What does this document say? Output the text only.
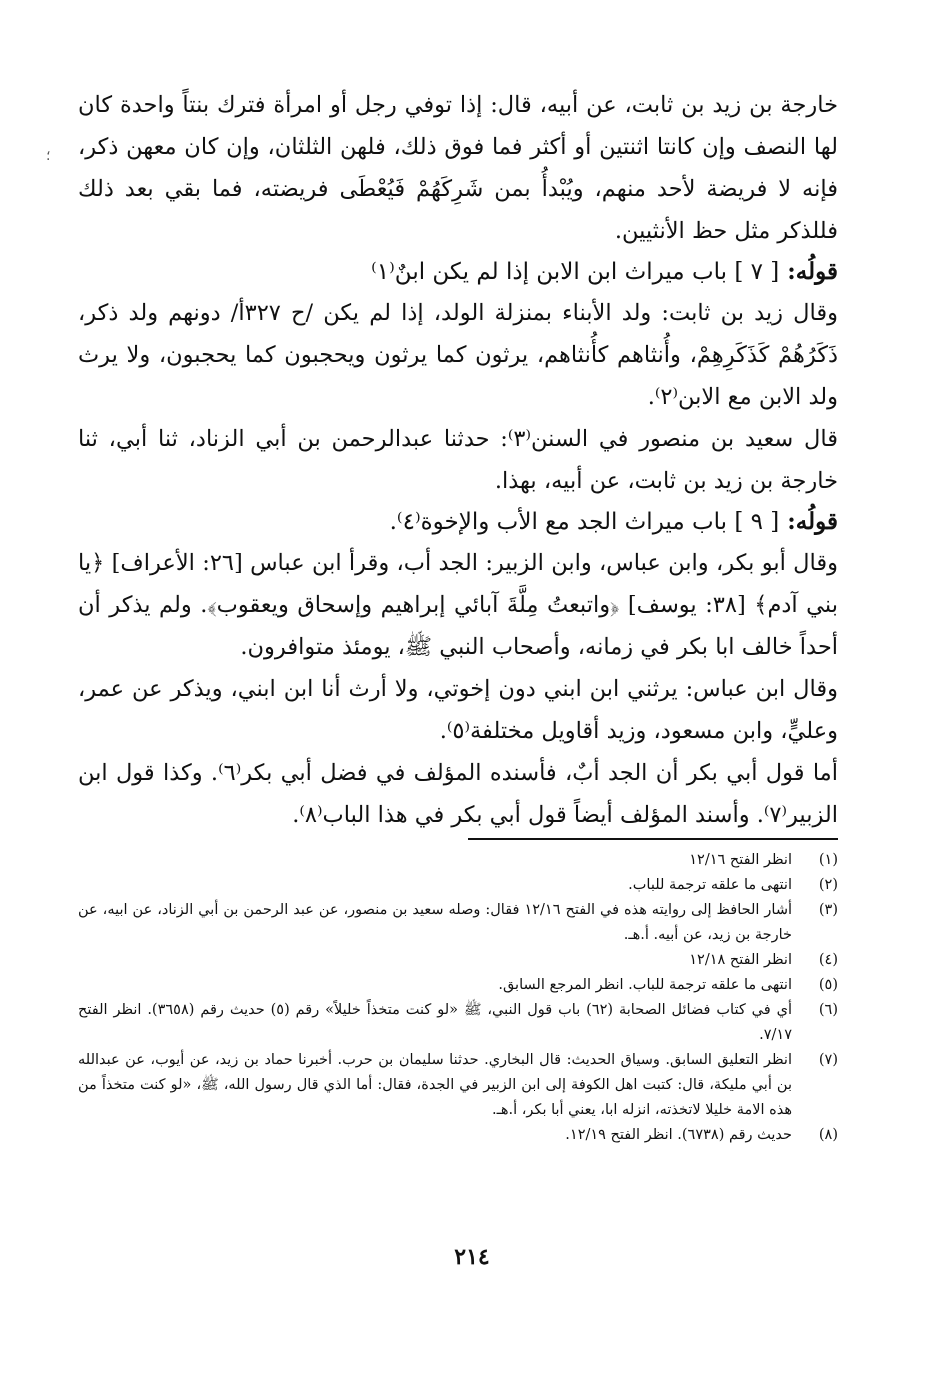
؛

خارجة بن زيد بن ثابت، عن أبيه، قال: إذا توفي رجل أو امرأة فترك بنتاً واحدة كان لها النصف وإن كانتا اثنتين أو أكثر فما فوق ذلك، فلهن الثلثان، وإن كان معهن ذكر، فإنه لا فريضة لأحد منهم، ويُبْدأُ بمن شَرِكَهُمْ فَيُعْطَى فريضته، فما بقي بعد ذلك فللذكر مثل حظ الأنثيين.

قولُه: [ ٧ ] باب ميراث ابن الابن إذا لم يكن ابنٌ⁽١⁾

وقال زيد بن ثابت: ولد الأبناء بمنزلة الولد، إذا لم يكن /ح ٣٢٧أ/ دونهم ولد ذكر، ذَكَرُهُمْ كَذَكَرِهِمْ، وأُنثاهم كأُنثاهم، يرثون كما يرثون ويحجبون كما يحجبون، ولا يرث ولد الابن مع الابن⁽٢⁾.

قال سعيد بن منصور في السنن⁽٣⁾: حدثنا عبدالرحمن بن أبي الزناد، ثنا أبي، ثنا خارجة بن زيد بن ثابت، عن أبيه، بهذا.

قولُه: [ ٩ ] باب ميراث الجد مع الأب والإخوة⁽٤⁾.

وقال أبو بكر، وابن عباس، وابن الزبير: الجد أب، وقرأ ابن عباس [٢٦: الأعراف] ﴿يا بني آدم﴾ [٣٨: يوسف] ﴿واتبعتُ مِلَّةَ آبائي إبراهيم وإسحاق ويعقوب﴾. ولم يذكر أن أحداً خالف ابا بكر في زمانه، وأصحاب النبي ﷺ، يومئذ متوافرون.

وقال ابن عباس: يرثني ابن ابني دون إخوتي، ولا أرث أنا ابن ابني، ويذكر عن عمر، وعليٍّ، وابن مسعود، وزيد أقاويل مختلفة⁽٥⁾.

أما قول أبي بكر أن الجد أبٌ، فأسنده المؤلف في فضل أبي بكر⁽٦⁾. وكذا قول ابن الزبير⁽٧⁾. وأسند المؤلف أيضاً قول أبي بكر في هذا الباب⁽٨⁾.

(١)
انظر الفتح ١٢/١٦
(٢)
انتهى ما علقه ترجمة للباب.
(٣)
أشار الحافظ إلى روايته هذه في الفتح ١٢/١٦ فقال: وصله سعيد بن منصور، عن عبد الرحمن بن أبي الزناد، عن ابيه، عن خارجة بن زيد، عن أبيه. أ.هـ.
(٤)
انظر الفتح ١٢/١٨
(٥)
انتهى ما علقه ترجمة للباب. انظر المرجع السابق.
(٦)
أي في كتاب فضائل الصحابة (٦٢) باب قول النبي، ﷺ «لو كنت متخذاً خليلاً» رقم (٥) حديث رقم (٣٦٥٨). انظر الفتح ٧/١٧.
(٧)
انظر التعليق السابق. وسياق الحديث: قال البخاري. حدثنا سليمان بن حرب. أخبرنا حماد بن زيد، عن أيوب، عن عبدالله بن أبي مليكة، قال: كتبت اهل الكوفة إلى ابن الزبير في الجدة، فقال: أما الذي قال رسول الله، ﷺ، «لو كنت متخذاً من هذه الامة خليلا لاتخذته، انزله ابا، يعني أبا بكر، أ.هـ.
(٨)
حديث رقم (٦٧٣٨). انظر الفتح ١٢/١٩.
٢١٤
